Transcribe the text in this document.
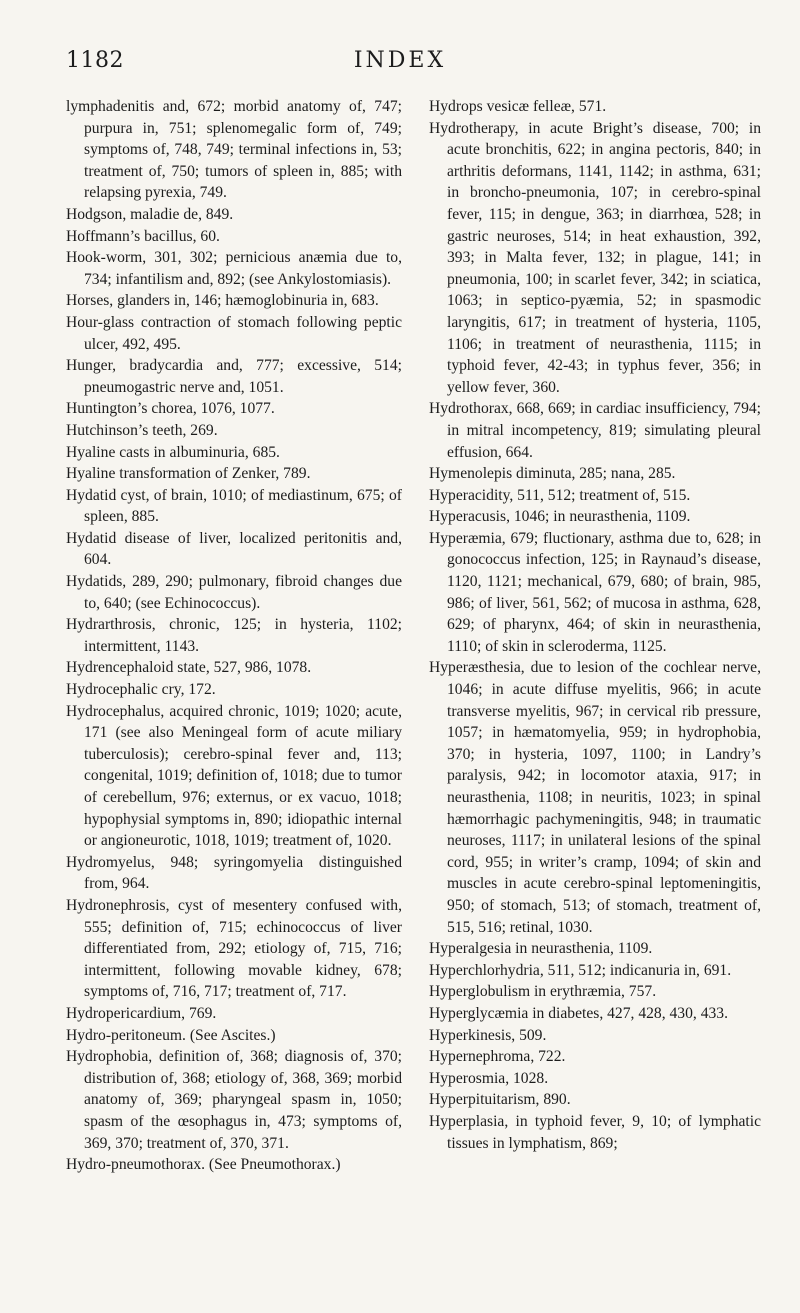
1182	INDEX

lymphadenitis and, 672; morbid anatomy of, 747; purpura in, 751; splenomegalic form of, 749; symptoms of, 748, 749; terminal infections in, 53; treatment of, 750; tumors of spleen in, 885; with relapsing pyrexia, 749.

Hodgson, maladie de, 849.

Hoffmann’s bacillus, 60.

Hook-worm, 301, 302; pernicious anæmia due to, 734; infantilism and, 892; (see Ankylostomiasis).

Horses, glanders in, 146; hæmoglobinuria in, 683.

Hour-glass contraction of stomach following peptic ulcer, 492, 495.

Hunger, bradycardia and, 777; excessive, 514; pneumogastric nerve and, 1051.

Huntington’s chorea, 1076, 1077.

Hutchinson’s teeth, 269.

Hyaline casts in albuminuria, 685.

Hyaline transformation of Zenker, 789.

Hydatid cyst, of brain, 1010; of mediastinum, 675; of spleen, 885.

Hydatid disease of liver, localized peritonitis and, 604.

Hydatids, 289, 290; pulmonary, fibroid changes due to, 640; (see Echinococcus).

Hydrarthrosis, chronic, 125; in hysteria, 1102; intermittent, 1143.

Hydrencephaloid state, 527, 986, 1078.

Hydrocephalic cry, 172.

Hydrocephalus, acquired chronic, 1019; 1020; acute, 171 (see also Meningeal form of acute miliary tuberculosis); cerebro-spinal fever and, 113; congenital, 1019; definition of, 1018; due to tumor of cerebellum, 976; externus, or ex vacuo, 1018; hypophysial symptoms in, 890; idiopathic internal or angioneurotic, 1018, 1019; treatment of, 1020.

Hydromyelus, 948; syringomyelia distinguished from, 964.

Hydronephrosis, cyst of mesentery confused with, 555; definition of, 715; echinococcus of liver differentiated from, 292; etiology of, 715, 716; intermittent, following movable kidney, 678; symptoms of, 716, 717; treatment of, 717.

Hydropericardium, 769.

Hydro-peritoneum. (See Ascites.)

Hydrophobia, definition of, 368; diagnosis of, 370; distribution of, 368; etiology of, 368, 369; morbid anatomy of, 369; pharyngeal spasm in, 1050; spasm of the œsophagus in, 473; symptoms of, 369, 370; treatment of, 370, 371.

Hydro-pneumothorax. (See Pneumothorax.)

Hydrops vesicæ felleæ, 571.

Hydrotherapy, in acute Bright’s disease, 700; in acute bronchitis, 622; in angina pectoris, 840; in arthritis deformans, 1141, 1142; in asthma, 631; in broncho-pneumonia, 107; in cerebro-spinal fever, 115; in dengue, 363; in diarrhœa, 528; in gastric neuroses, 514; in heat exhaustion, 392, 393; in Malta fever, 132; in plague, 141; in pneumonia, 100; in scarlet fever, 342; in sciatica, 1063; in septico-pyæmia, 52; in spasmodic laryngitis, 617; in treatment of hysteria, 1105, 1106; in treatment of neurasthenia, 1115; in typhoid fever, 42-43; in typhus fever, 356; in yellow fever, 360.

Hydrothorax, 668, 669; in cardiac insufficiency, 794; in mitral incompetency, 819; simulating pleural effusion, 664.

Hymenolepis diminuta, 285; nana, 285.

Hyperacidity, 511, 512; treatment of, 515.

Hyperacusis, 1046; in neurasthenia, 1109.

Hyperæmia, 679; fluctionary, asthma due to, 628; in gonococcus infection, 125; in Raynaud’s disease, 1120, 1121; mechanical, 679, 680; of brain, 985, 986; of liver, 561, 562; of mucosa in asthma, 628, 629; of pharynx, 464; of skin in neurasthenia, 1110; of skin in scleroderma, 1125.

Hyperæsthesia, due to lesion of the cochlear nerve, 1046; in acute diffuse myelitis, 966; in acute transverse myelitis, 967; in cervical rib pressure, 1057; in hæmatomyelia, 959; in hydrophobia, 370; in hysteria, 1097, 1100; in Landry’s paralysis, 942; in locomotor ataxia, 917; in neurasthenia, 1108; in neuritis, 1023; in spinal hæmorrhagic pachymeningitis, 948; in traumatic neuroses, 1117; in unilateral lesions of the spinal cord, 955; in writer’s cramp, 1094; of skin and muscles in acute cerebro-spinal leptomeningitis, 950; of stomach, 513; of stomach, treatment of, 515, 516; retinal, 1030.

Hyperalgesia in neurasthenia, 1109.

Hyperchlorhydria, 511, 512; indicanuria in, 691.

Hyperglobulism in erythræmia, 757.

Hyperglycæmia in diabetes, 427, 428, 430, 433.

Hyperkinesis, 509.

Hypernephroma, 722.

Hyperosmia, 1028.

Hyperpituitarism, 890.

Hyperplasia, in typhoid fever, 9, 10; of lymphatic tissues in lymphatism, 869;
